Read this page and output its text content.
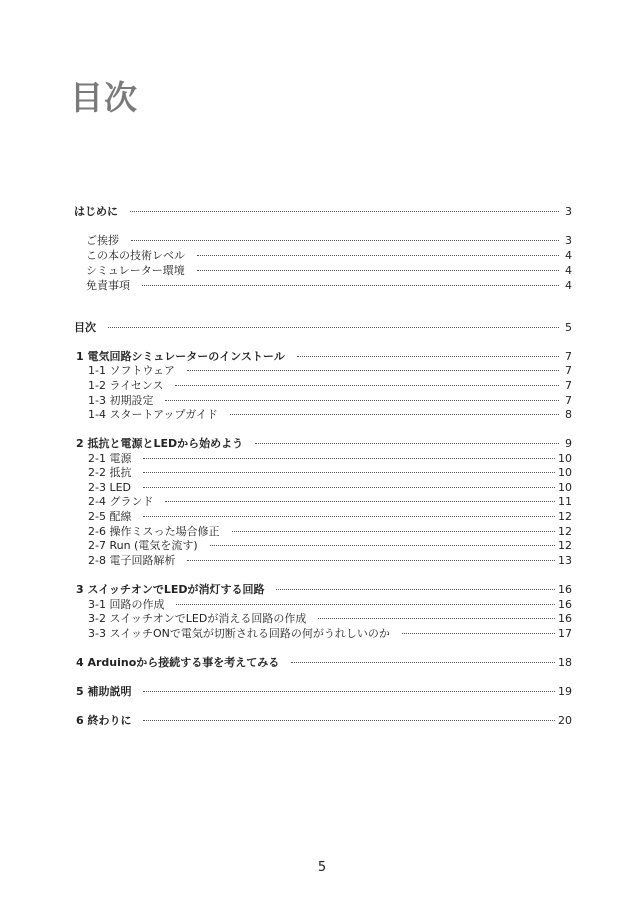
目次
はじめに	3
ご挨拶	3
この本の技術レベル	4
シミュレーター環境	4
免責事項	4
目次	5
1 電気回路シミュレーターのインストール	7
1-1 ソフトウェア	7
1-2 ライセンス	7
1-3 初期設定	7
1-4 スタートアップガイド	8
2 抵抗と電源とLEDから始めよう	9
2-1 電源	10
2-2 抵抗	10
2-3 LED	10
2-4 グランド	11
2-5 配線	12
2-6 操作ミスった場合修正	12
2-7 Run (電気を流す)	12
2-8 電子回路解析	13
3 スイッチオンでLEDが消灯する回路	16
3-1 回路の作成	16
3-2 スイッチオンでLEDが消える回路の作成	16
3-3 スイッチONで電気が切断される回路の何がうれしいのか	17
4 Arduinoから接続する事を考えてみる	18
5 補助説明	19
6 終わりに	20
5
